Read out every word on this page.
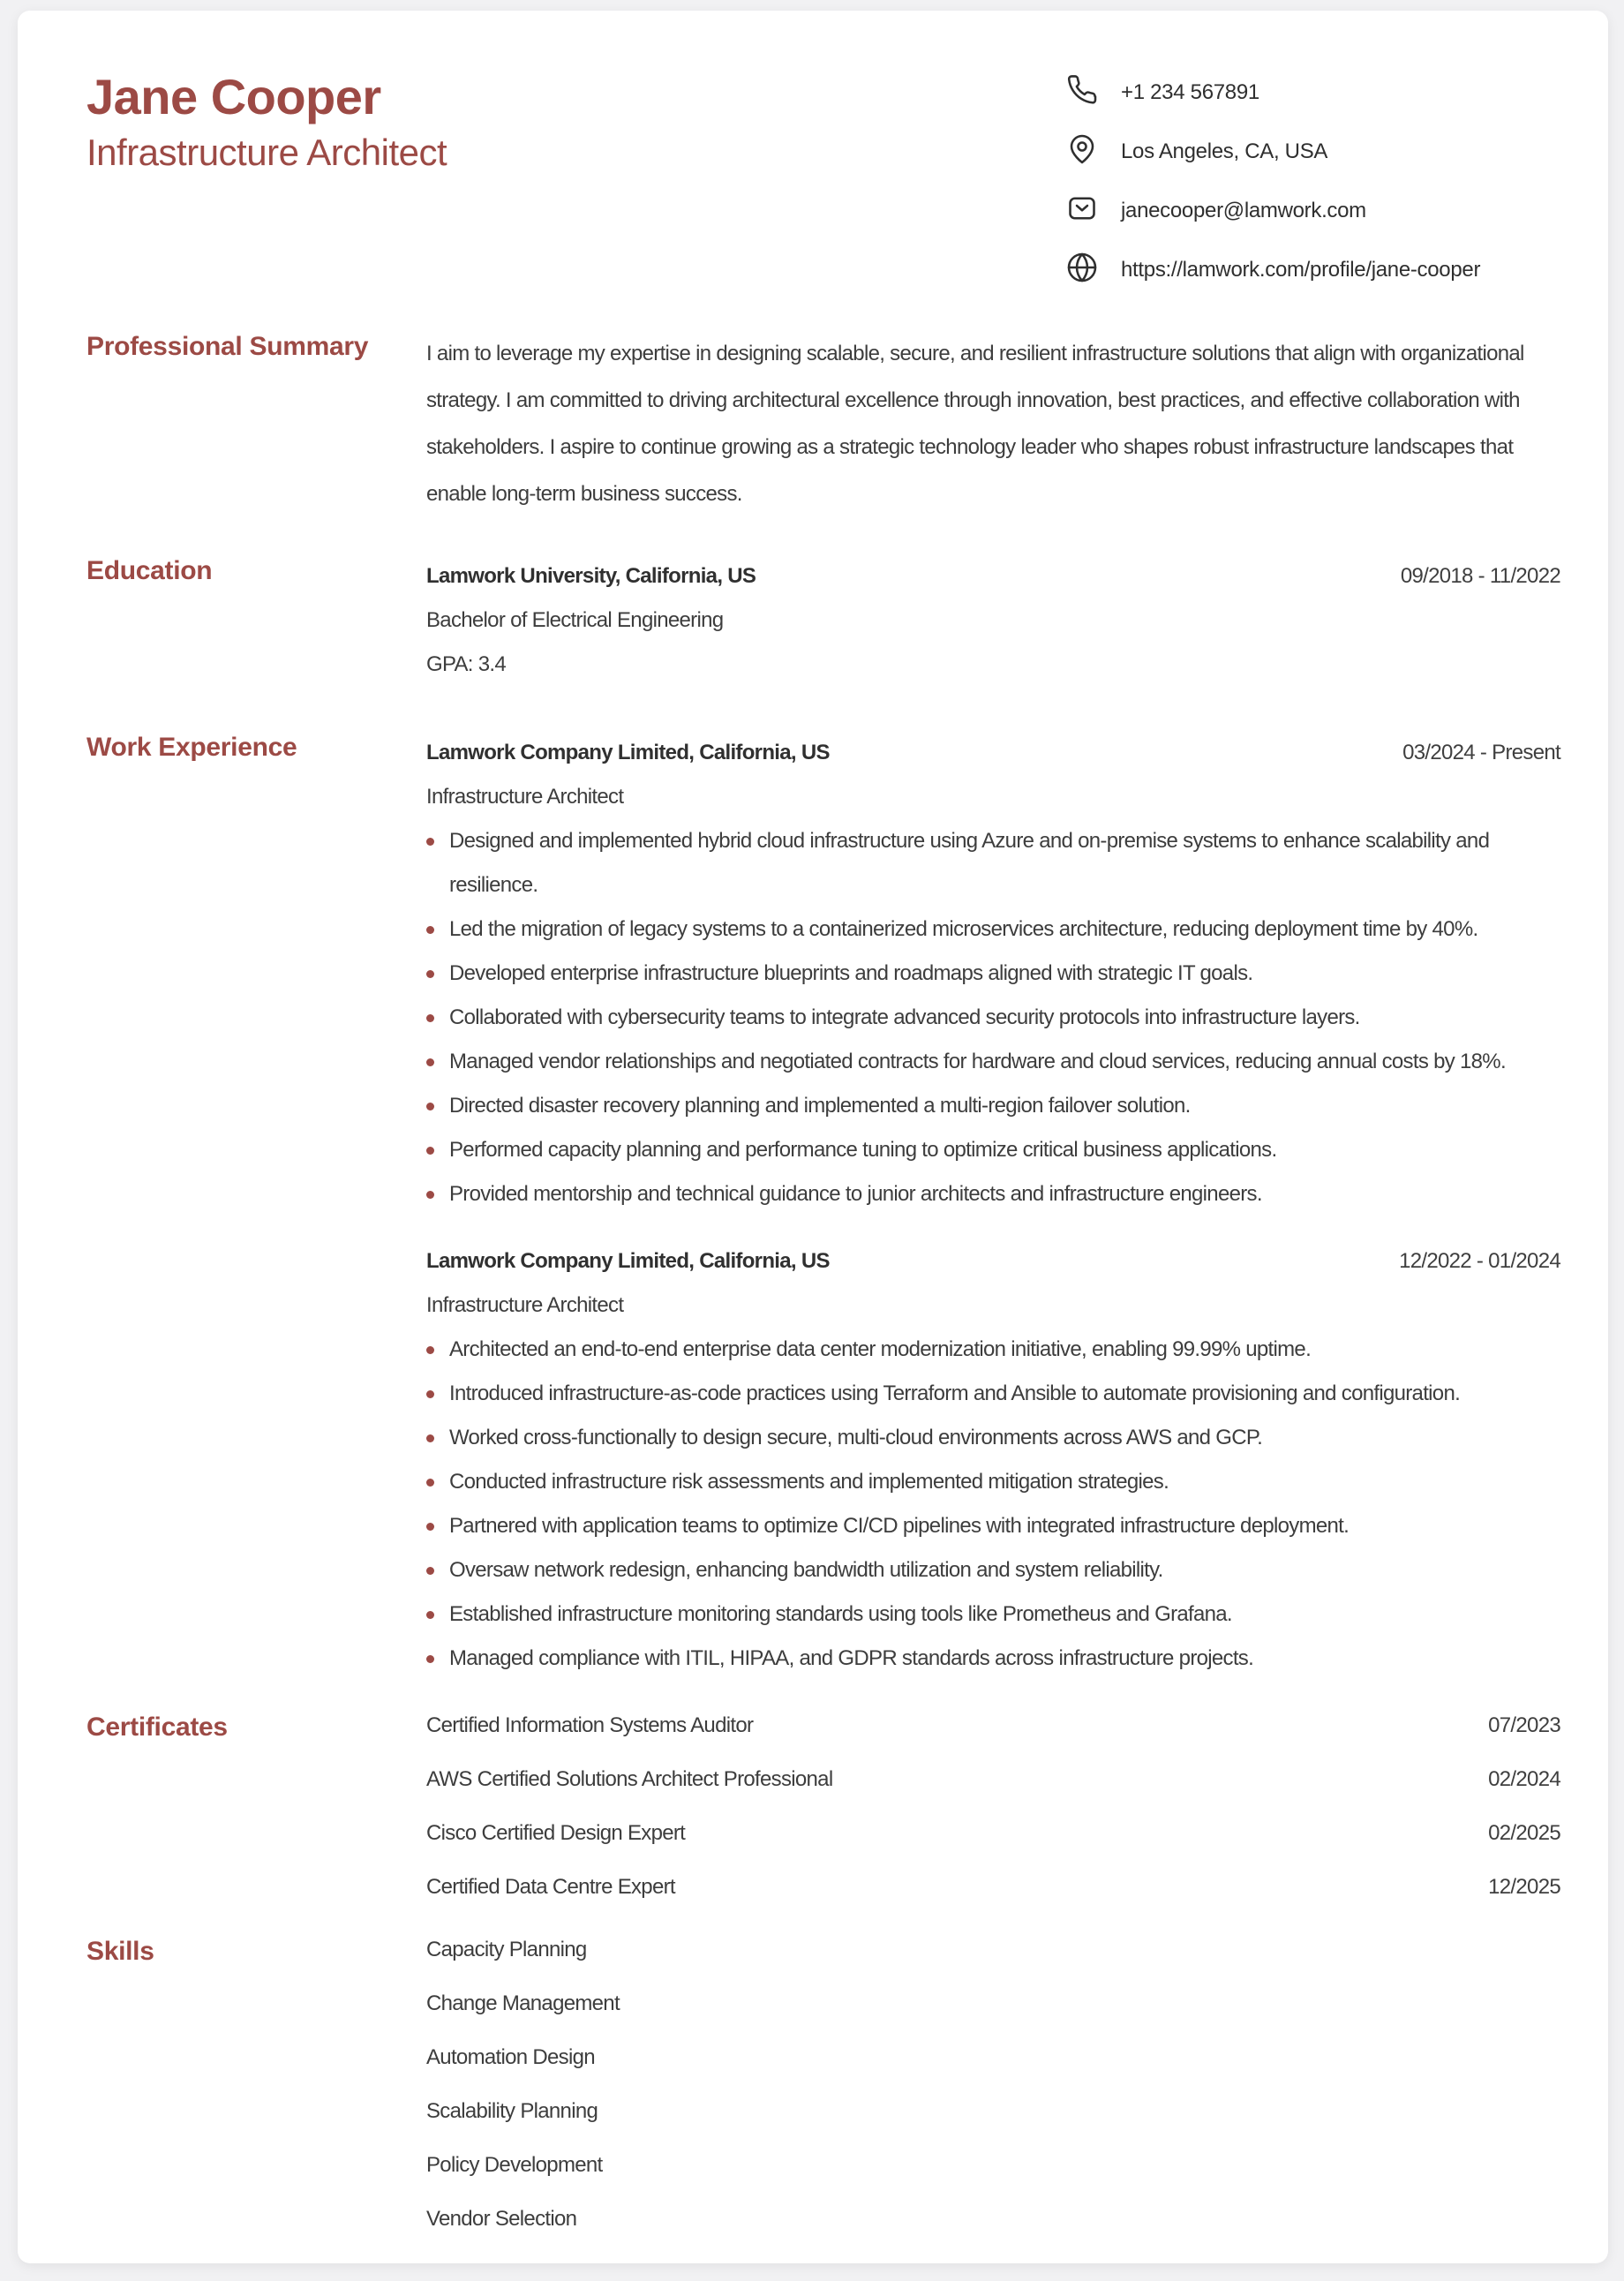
Jane Cooper
Infrastructure Architect
+1 234 567891
Los Angeles, CA, USA
janecooper@lamwork.com
https://lamwork.com/profile/jane-cooper
Professional Summary	I aim to leverage my expertise in designing scalable, secure, and resilient infrastructure solutions that align with organizational strategy. I am committed to driving architectural excellence through innovation, best practices, and effective collaboration with stakeholders. I aspire to continue growing as a strategic technology leader who shapes robust infrastructure landscapes that enable long-term business success.

Education	Lamwork University, California, US	09/2018 - 11/2022
Bachelor of Electrical Engineering
GPA: 3.4
Work Experience	Lamwork Company Limited, California, US	03/2024 - Present
Infrastructure Architect
Designed and implemented hybrid cloud infrastructure using Azure and on-premise systems to enhance scalability and resilience.
Led the migration of legacy systems to a containerized microservices architecture, reducing deployment time by 40%.
Developed enterprise infrastructure blueprints and roadmaps aligned with strategic IT goals.
Collaborated with cybersecurity teams to integrate advanced security protocols into infrastructure layers.
Managed vendor relationships and negotiated contracts for hardware and cloud services, reducing annual costs by 18%.
Directed disaster recovery planning and implemented a multi-region failover solution.
Performed capacity planning and performance tuning to optimize critical business applications.
Provided mentorship and technical guidance to junior architects and infrastructure engineers.
Lamwork Company Limited, California, US	12/2022 - 01/2024
Infrastructure Architect
Architected an end-to-end enterprise data center modernization initiative, enabling 99.99% uptime.
Introduced infrastructure-as-code practices using Terraform and Ansible to automate provisioning and configuration.
Worked cross-functionally to design secure, multi-cloud environments across AWS and GCP.
Conducted infrastructure risk assessments and implemented mitigation strategies.
Partnered with application teams to optimize CI/CD pipelines with integrated infrastructure deployment.
Oversaw network redesign, enhancing bandwidth utilization and system reliability.
Established infrastructure monitoring standards using tools like Prometheus and Grafana.
Managed compliance with ITIL, HIPAA, and GDPR standards across infrastructure projects.
Certificates	Certified Information Systems Auditor	07/2023
AWS Certified Solutions Architect Professional	02/2024
Cisco Certified Design Expert	02/2025
Certified Data Centre Expert	12/2025
Skills	Capacity Planning
Change Management
Automation Design
Scalability Planning
Policy Development
Vendor Selection
